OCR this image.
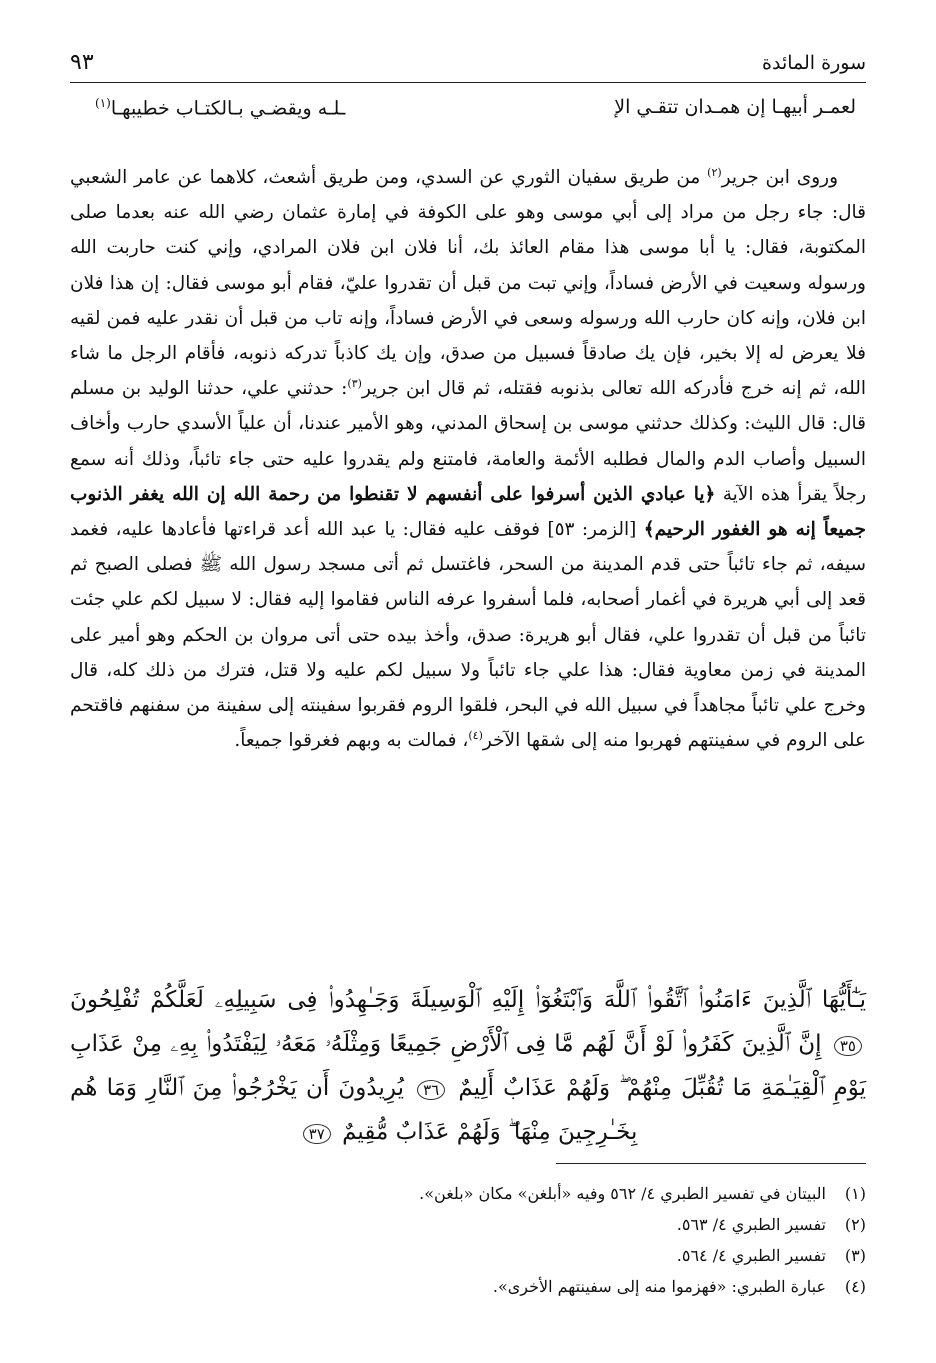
سورة المائدة
٩٣
لعمـر أبيهـا إن همـدان تتقـي الإ
ـلـه ويقضـي بـالكتـاب خطيبهـا$^{(١)}$

وروى ابن جرير$^{(٢)}$ من طريق سفيان الثوري عن السدي، ومن طريق أشعث، كلاهما عن عامر الشعبي قال: جاء رجل من مراد إلى أبي موسى وهو على الكوفة في إمارة عثمان رضي الله عنه بعدما صلى المكتوبة، فقال: يا أبا موسى هذا مقام العائذ بك، أنا فلان ابن فلان المرادي، وإني كنت حاربت الله ورسوله وسعيت في الأرض فساداً، وإني تبت من قبل أن تقدروا عليّ، فقام أبو موسى فقال: إن هذا فلان ابن فلان، وإنه كان حارب الله ورسوله وسعى في الأرض فساداً، وإنه تاب من قبل أن نقدر عليه فمن لقيه فلا يعرض له إلا بخير، فإن يك صادقاً فسبيل من صدق، وإن يك كاذباً تدركه ذنوبه، فأقام الرجل ما شاء الله، ثم إنه خرج فأدركه الله تعالى بذنوبه فقتله، ثم قال ابن جرير$^{(٣)}$: حدثني علي، حدثنا الوليد بن مسلم قال: قال الليث: وكذلك حدثني موسى بن إسحاق المدني، وهو الأمير عندنا، أن علياً الأسدي حارب وأخاف السبيل وأصاب الدم والمال فطلبه الأئمة والعامة، فامتنع ولم يقدروا عليه حتى جاء تائباً، وذلك أنه سمع رجلاً يقرأ هذه الآية ﴿يا عبادي الذين أسرفوا على أنفسهم لا تقنطوا من رحمة الله إن الله يغفر الذنوب جميعاً إنه هو الغفور الرحيم﴾ [الزمر: ٥٣] فوقف عليه فقال: يا عبد الله أعد قراءتها فأعادها عليه، فغمد سيفه، ثم جاء تائباً حتى قدم المدينة من السحر، فاغتسل ثم أتى مسجد رسول الله ﷺ فصلى الصبح ثم قعد إلى أبي هريرة في أغمار أصحابه، فلما أسفروا عرفه الناس فقاموا إليه فقال: لا سبيل لكم علي جئت تائباً من قبل أن تقدروا علي، فقال أبو هريرة: صدق، وأخذ بيده حتى أتى مروان بن الحكم وهو أمير على المدينة في زمن معاوية فقال: هذا علي جاء تائباً ولا سبيل لكم عليه ولا قتل، فترك من ذلك كله، قال وخرج علي تائباً مجاهداً في سبيل الله في البحر، فلقوا الروم فقربوا سفينته إلى سفينة من سفنهم فاقتحم على الروم في سفينتهم فهربوا منه إلى شقها الآخر$^{(٤)}$، فمالت به وبهم فغرقوا جميعاً.

يَـٰٓأَيُّهَا ٱلَّذِينَ ءَامَنُوا۟ ٱتَّقُوا۟ ٱللَّهَ وَٱبْتَغُوٓا۟ إِلَيْهِ ٱلْوَسِيلَةَ وَجَـٰهِدُوا۟ فِى سَبِيلِهِۦ لَعَلَّكُمْ تُفْلِحُونَ ٣٥ إِنَّ ٱلَّذِينَ كَفَرُوا۟ لَوْ أَنَّ لَهُم مَّا فِى ٱلْأَرْضِ جَمِيعًا وَمِثْلَهُۥ مَعَهُۥ لِيَفْتَدُوا۟ بِهِۦ مِنْ عَذَابِ يَوْمِ ٱلْقِيَـٰمَةِ مَا تُقُبِّلَ مِنْهُمْ ۖ وَلَهُمْ عَذَابٌ أَلِيمٌ ٣٦ يُرِيدُونَ أَن يَخْرُجُوا۟ مِنَ ٱلنَّارِ وَمَا هُم بِخَـٰرِجِينَ مِنْهَا ۖ وَلَهُمْ عَذَابٌ مُّقِيمٌ ٣٧
(١)البيتان في تفسير الطبري ٤/ ٥٦٢ وفيه «أبلغن» مكان «بلغن».
(٢)تفسير الطبري ٤/ ٥٦٣.
(٣)تفسير الطبري ٤/ ٥٦٤.
(٤)عبارة الطبري: «فهزموا منه إلى سفينتهم الأخرى».
